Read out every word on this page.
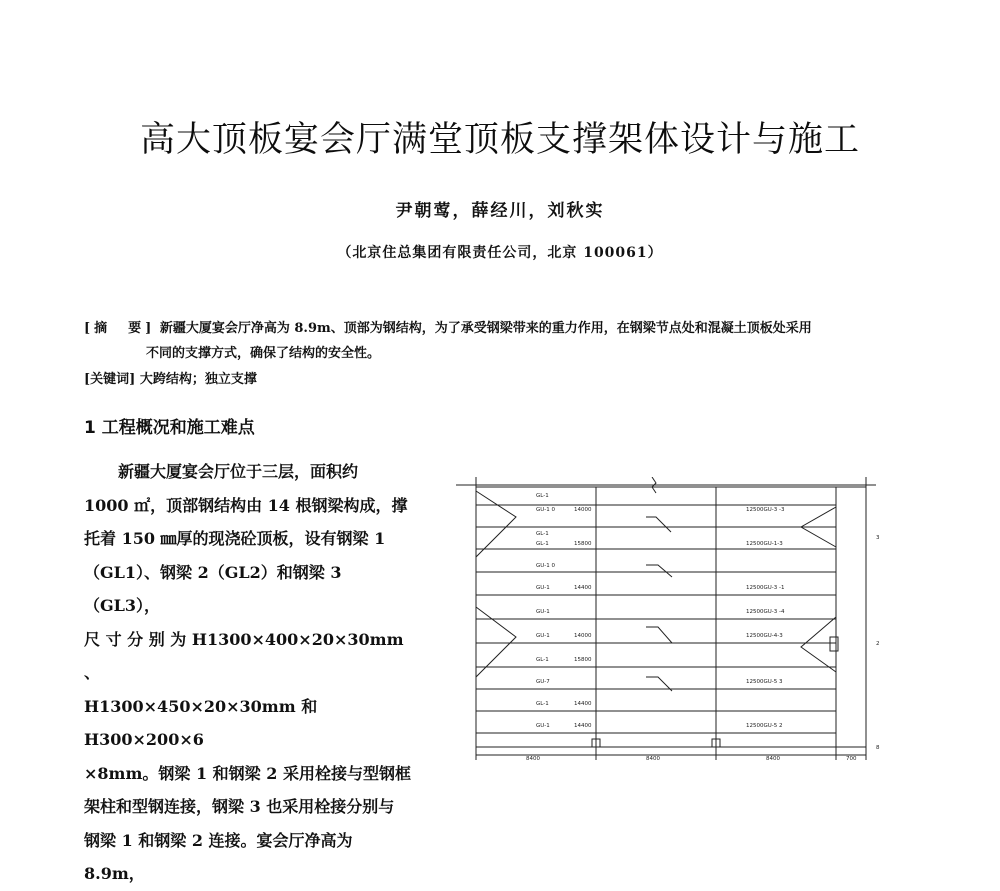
高大顶板宴会厅满堂顶板支撑架体设计与施工
尹朝莺，薛经川，刘秋实
（北京住总集团有限责任公司，北京 100061）
[摘　要] 新疆大厦宴会厅净高为 8.9m、顶部为钢结构，为了承受钢梁带来的重力作用，在钢梁节点处和混凝土顶板处采用
不同的支撑方式，确保了结构的安全性。
[关键词] 大跨结构；独立支撑
1 工程概况和施工难点

新疆大厦宴会厅位于三层，面积约

1000 ㎡，顶部钢结构由 14 根钢梁构成，撑

托着 150 ㎜厚的现浇砼顶板，设有钢梁 1

（GL1）、钢梁 2（GL2）和钢梁 3（GL3），

尺 寸 分 别 为 H1300×400×20×30mm 、

H1300×450×20×30mm 和 H300×200×6

×8mm。钢梁 1 和钢梁 2 采用栓接与型钢框

架柱和型钢连接，钢梁 3 也采用栓接分别与

钢梁 1 和钢梁 2 连接。宴会厅净高为 8.9m，

GL-1
GU-1 0
GL-1
GL-1
GU-1 0
GU-1
GU-1
GU-1
GL-1
GU-7
GL-1
GU-1
14000
15800
14400
14000
15800
14400
14400
12500GU-3 -3
12500GU-1-3
12500GU-3 -1
12500GU-3 -4
12500GU-4-3
12500GU-5 3
12500GU-5 2
8400	8400	8400	700
3
2
8
